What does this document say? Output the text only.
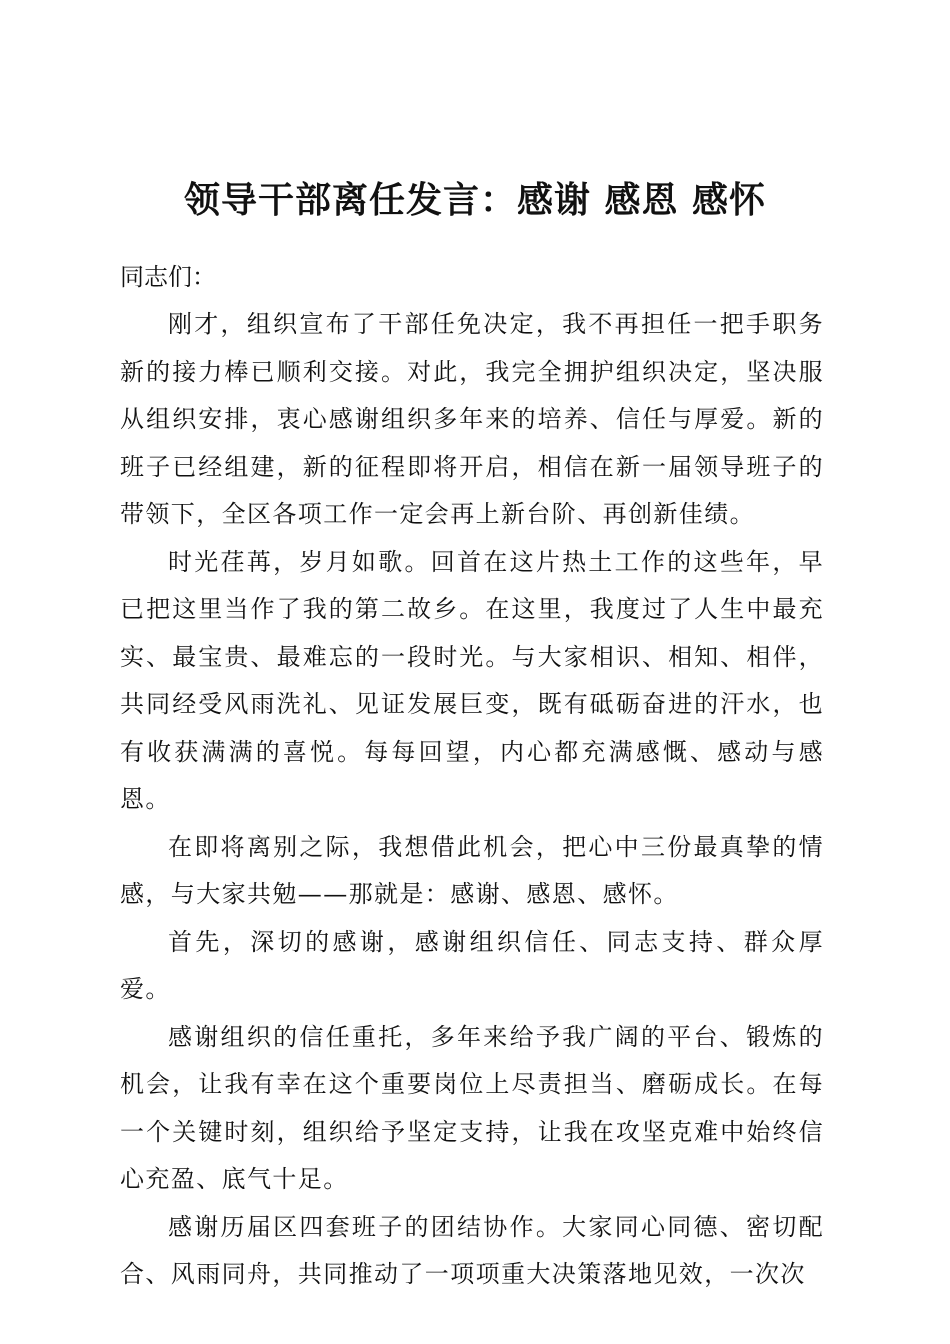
领导干部离任发言：感谢 感恩 感怀

同志们：

刚才，组织宣布了干部任免决定，我不再担任一把手职务新的接力棒已顺利交接。对此，我完全拥护组织决定，坚决服从组织安排，衷心感谢组织多年来的培养、信任与厚爱。新的班子已经组建，新的征程即将开启，相信在新一届领导班子的带领下，全区各项工作一定会再上新台阶、再创新佳绩。

时光荏苒，岁月如歌。回首在这片热土工作的这些年，早已把这里当作了我的第二故乡。在这里，我度过了人生中最充实、最宝贵、最难忘的一段时光。与大家相识、相知、相伴，共同经受风雨洗礼、见证发展巨变，既有砥砺奋进的汗水，也有收获满满的喜悦。每每回望，内心都充满感慨、感动与感恩。

在即将离别之际，我想借此机会，把心中三份最真挚的情感，与大家共勉——那就是：感谢、感恩、感怀。

首先，深切的感谢，感谢组织信任、同志支持、群众厚爱。

感谢组织的信任重托，多年来给予我广阔的平台、锻炼的机会，让我有幸在这个重要岗位上尽责担当、磨砺成长。在每一个关键时刻，组织给予坚定支持，让我在攻坚克难中始终信心充盈、底气十足。

感谢历届区四套班子的团结协作。大家同心同德、密切配合、风雨同舟，共同推动了一项项重大决策落地见效，一次次
